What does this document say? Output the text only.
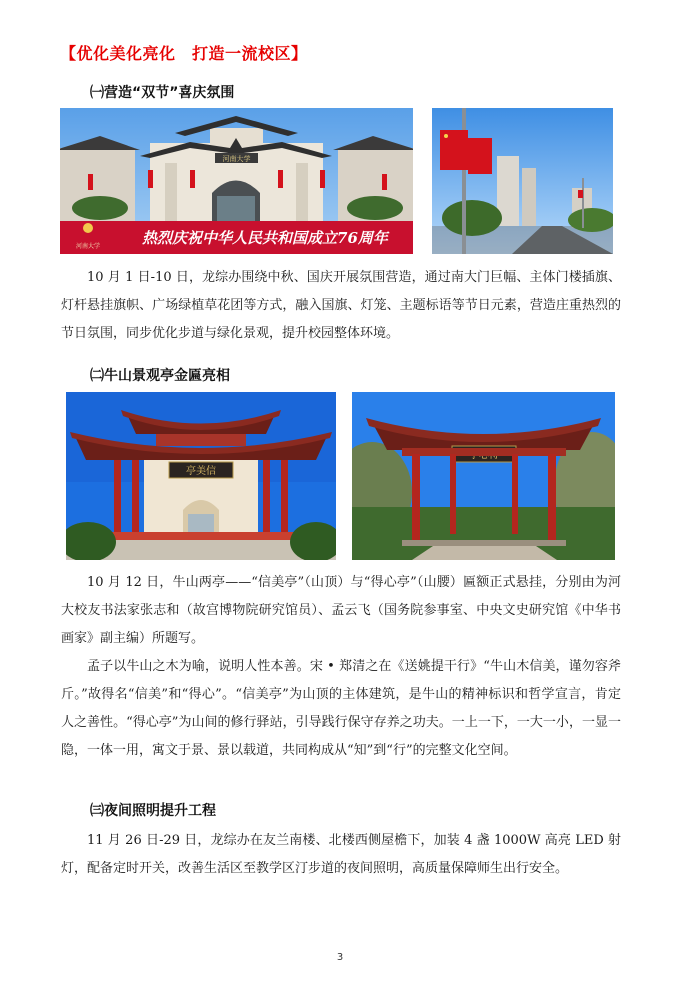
【优化美化亮化　打造一流校区】
㈠营造“双节”喜庆氛围
河南大学
河南大学	热烈庆祝中华人民共和国成立76周年

10 月 1 日-10 日，龙综办围绕中秋、国庆开展氛围营造，通过南大门巨幅、主体门楼插旗、灯杆悬挂旗帜、广场绿植草花团等方式，融入国旗、灯笼、主题标语等节日元素，营造庄重热烈的节日氛围，同步优化步道与绿化景观，提升校园整体环境。

㈡牛山景观亭金匾亮相
亭美信

10 月 12 日，牛山两亭——“信美亭”（山顶）与“得心亭”（山腰）匾额正式悬挂，分别由为河大校友书法家张志和（故宫博物院研究馆员）、孟云飞（国务院参事室、中央文史研究馆《中华书画家》副主编）所题写。

孟子以牛山之木为喻，说明人性本善。宋 • 郑清之在《送姚提干行》“牛山木信美，谨勿容斧斤。”故得名“信美”和“得心”。“信美亭”为山顶的主体建筑，是牛山的精神标识和哲学宣言，肯定人之善性。“得心亭”为山间的修行驿站，引导践行保守存养之功夫。一上一下，一大一小，一显一隐，一体一用，寓文于景、景以载道，共同构成从“知”到“行”的完整文化空间。

㈢夜间照明提升工程

11 月 26 日-29 日，龙综办在友兰南楼、北楼西侧屋檐下，加装 4 盏 1000W 高亮 LED 射灯，配备定时开关，改善生活区至教学区汀步道的夜间照明，高质量保障师生出行安全。

3
